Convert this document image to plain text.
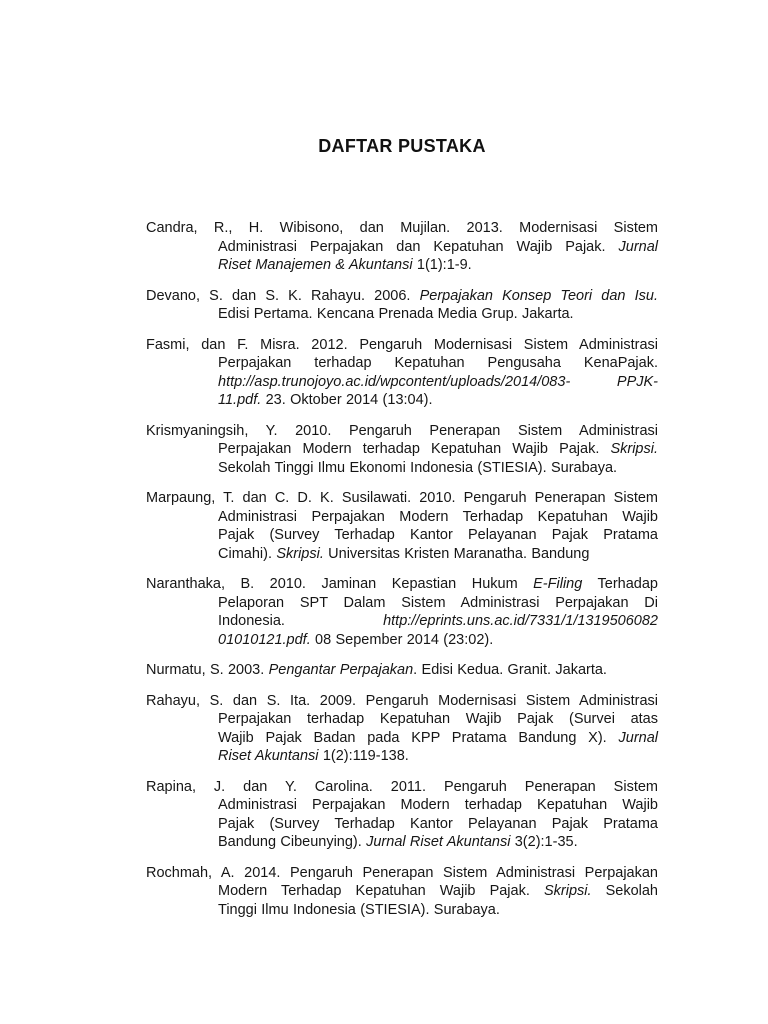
DAFTAR PUSTAKA
Candra, R., H. Wibisono, dan Mujilan. 2013. Modernisasi Sistem
Administrasi Perpajakan dan Kepatuhan Wajib Pajak. Jurnal
Riset Manajemen & Akuntansi 1(1):1-9.
Devano, S. dan S. K. Rahayu. 2006. Perpajakan Konsep Teori dan Isu.
Edisi Pertama. Kencana Prenada Media Grup. Jakarta.
Fasmi, dan F. Misra. 2012. Pengaruh Modernisasi Sistem Administrasi
Perpajakan terhadap Kepatuhan Pengusaha KenaPajak.
http://asp.trunojoyo.ac.id/wpcontent/uploads/2014/083- PPJK-
11.pdf. 23. Oktober 2014 (13:04).
Krismyaningsih, Y. 2010. Pengaruh Penerapan Sistem Administrasi
Perpajakan Modern terhadap Kepatuhan Wajib Pajak. Skripsi.
Sekolah Tinggi Ilmu Ekonomi Indonesia (STIESIA). Surabaya.
Marpaung, T. dan C. D. K. Susilawati. 2010. Pengaruh Penerapan Sistem
Administrasi Perpajakan Modern Terhadap Kepatuhan Wajib
Pajak (Survey Terhadap Kantor Pelayanan Pajak Pratama
Cimahi). Skripsi. Universitas Kristen Maranatha. Bandung
Naranthaka, B. 2010. Jaminan Kepastian Hukum E-Filing Terhadap
Pelaporan SPT Dalam Sistem Administrasi Perpajakan Di
Indonesia. http://eprints.uns.ac.id/7331/1/1319506082
01010121.pdf. 08 Sepember 2014 (23:02).
Nurmatu, S. 2003. Pengantar Perpajakan. Edisi Kedua. Granit. Jakarta.
Rahayu, S. dan S. Ita. 2009. Pengaruh Modernisasi Sistem Administrasi
Perpajakan terhadap Kepatuhan Wajib Pajak (Survei atas
Wajib Pajak Badan pada KPP Pratama Bandung X). Jurnal
Riset Akuntansi 1(2):119-138.
Rapina, J. dan Y. Carolina. 2011. Pengaruh Penerapan Sistem
Administrasi Perpajakan Modern terhadap Kepatuhan Wajib
Pajak (Survey Terhadap Kantor Pelayanan Pajak Pratama
Bandung Cibeunying). Jurnal Riset Akuntansi 3(2):1-35.
Rochmah, A. 2014. Pengaruh Penerapan Sistem Administrasi Perpajakan
Modern Terhadap Kepatuhan Wajib Pajak. Skripsi. Sekolah
Tinggi Ilmu Indonesia (STIESIA). Surabaya.
